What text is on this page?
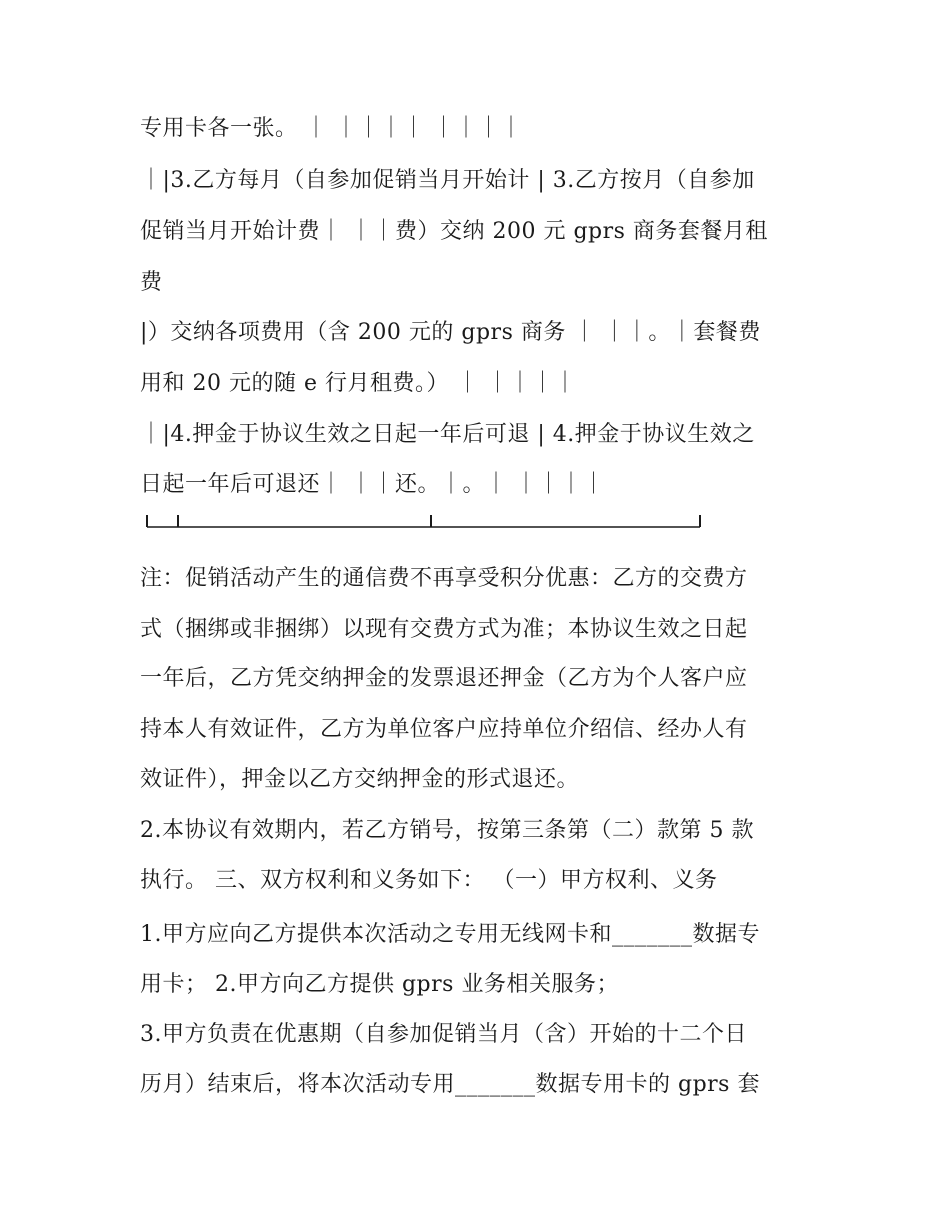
专用卡各一张。 ｜ ｜｜｜｜ ｜｜｜｜
｜|3.乙方每月（自参加促销当月开始计 | 3.乙方按月（自参加
促销当月开始计费｜ ｜｜费）交纳 200 元 gprs 商务套餐月租
费
|）交纳各项费用（含 200 元的 gprs 商务 ｜ ｜｜。｜套餐费
用和 20 元的随 e 行月租费。） ｜ ｜｜｜｜
｜|4.押金于协议生效之日起一年后可退 | 4.押金于协议生效之
日起一年后可退还｜ ｜｜还。｜。｜ ｜｜｜｜
注：促销活动产生的通信费不再享受积分优惠：乙方的交费方
式（捆绑或非捆绑）以现有交费方式为准；本协议生效之日起
一年后，乙方凭交纳押金的发票退还押金（乙方为个人客户应
持本人有效证件，乙方为单位客户应持单位介绍信、经办人有
效证件），押金以乙方交纳押金的形式退还。
2.本协议有效期内，若乙方销号，按第三条第（二）款第 5 款
执行。 三、双方权利和义务如下： （一）甲方权利、义务
1.甲方应向乙方提供本次活动之专用无线网卡和_______数据专
用卡； 2.甲方向乙方提供 gprs 业务相关服务；
3.甲方负责在优惠期（自参加促销当月（含）开始的十二个日
历月）结束后，将本次活动专用_______数据专用卡的 gprs 套
